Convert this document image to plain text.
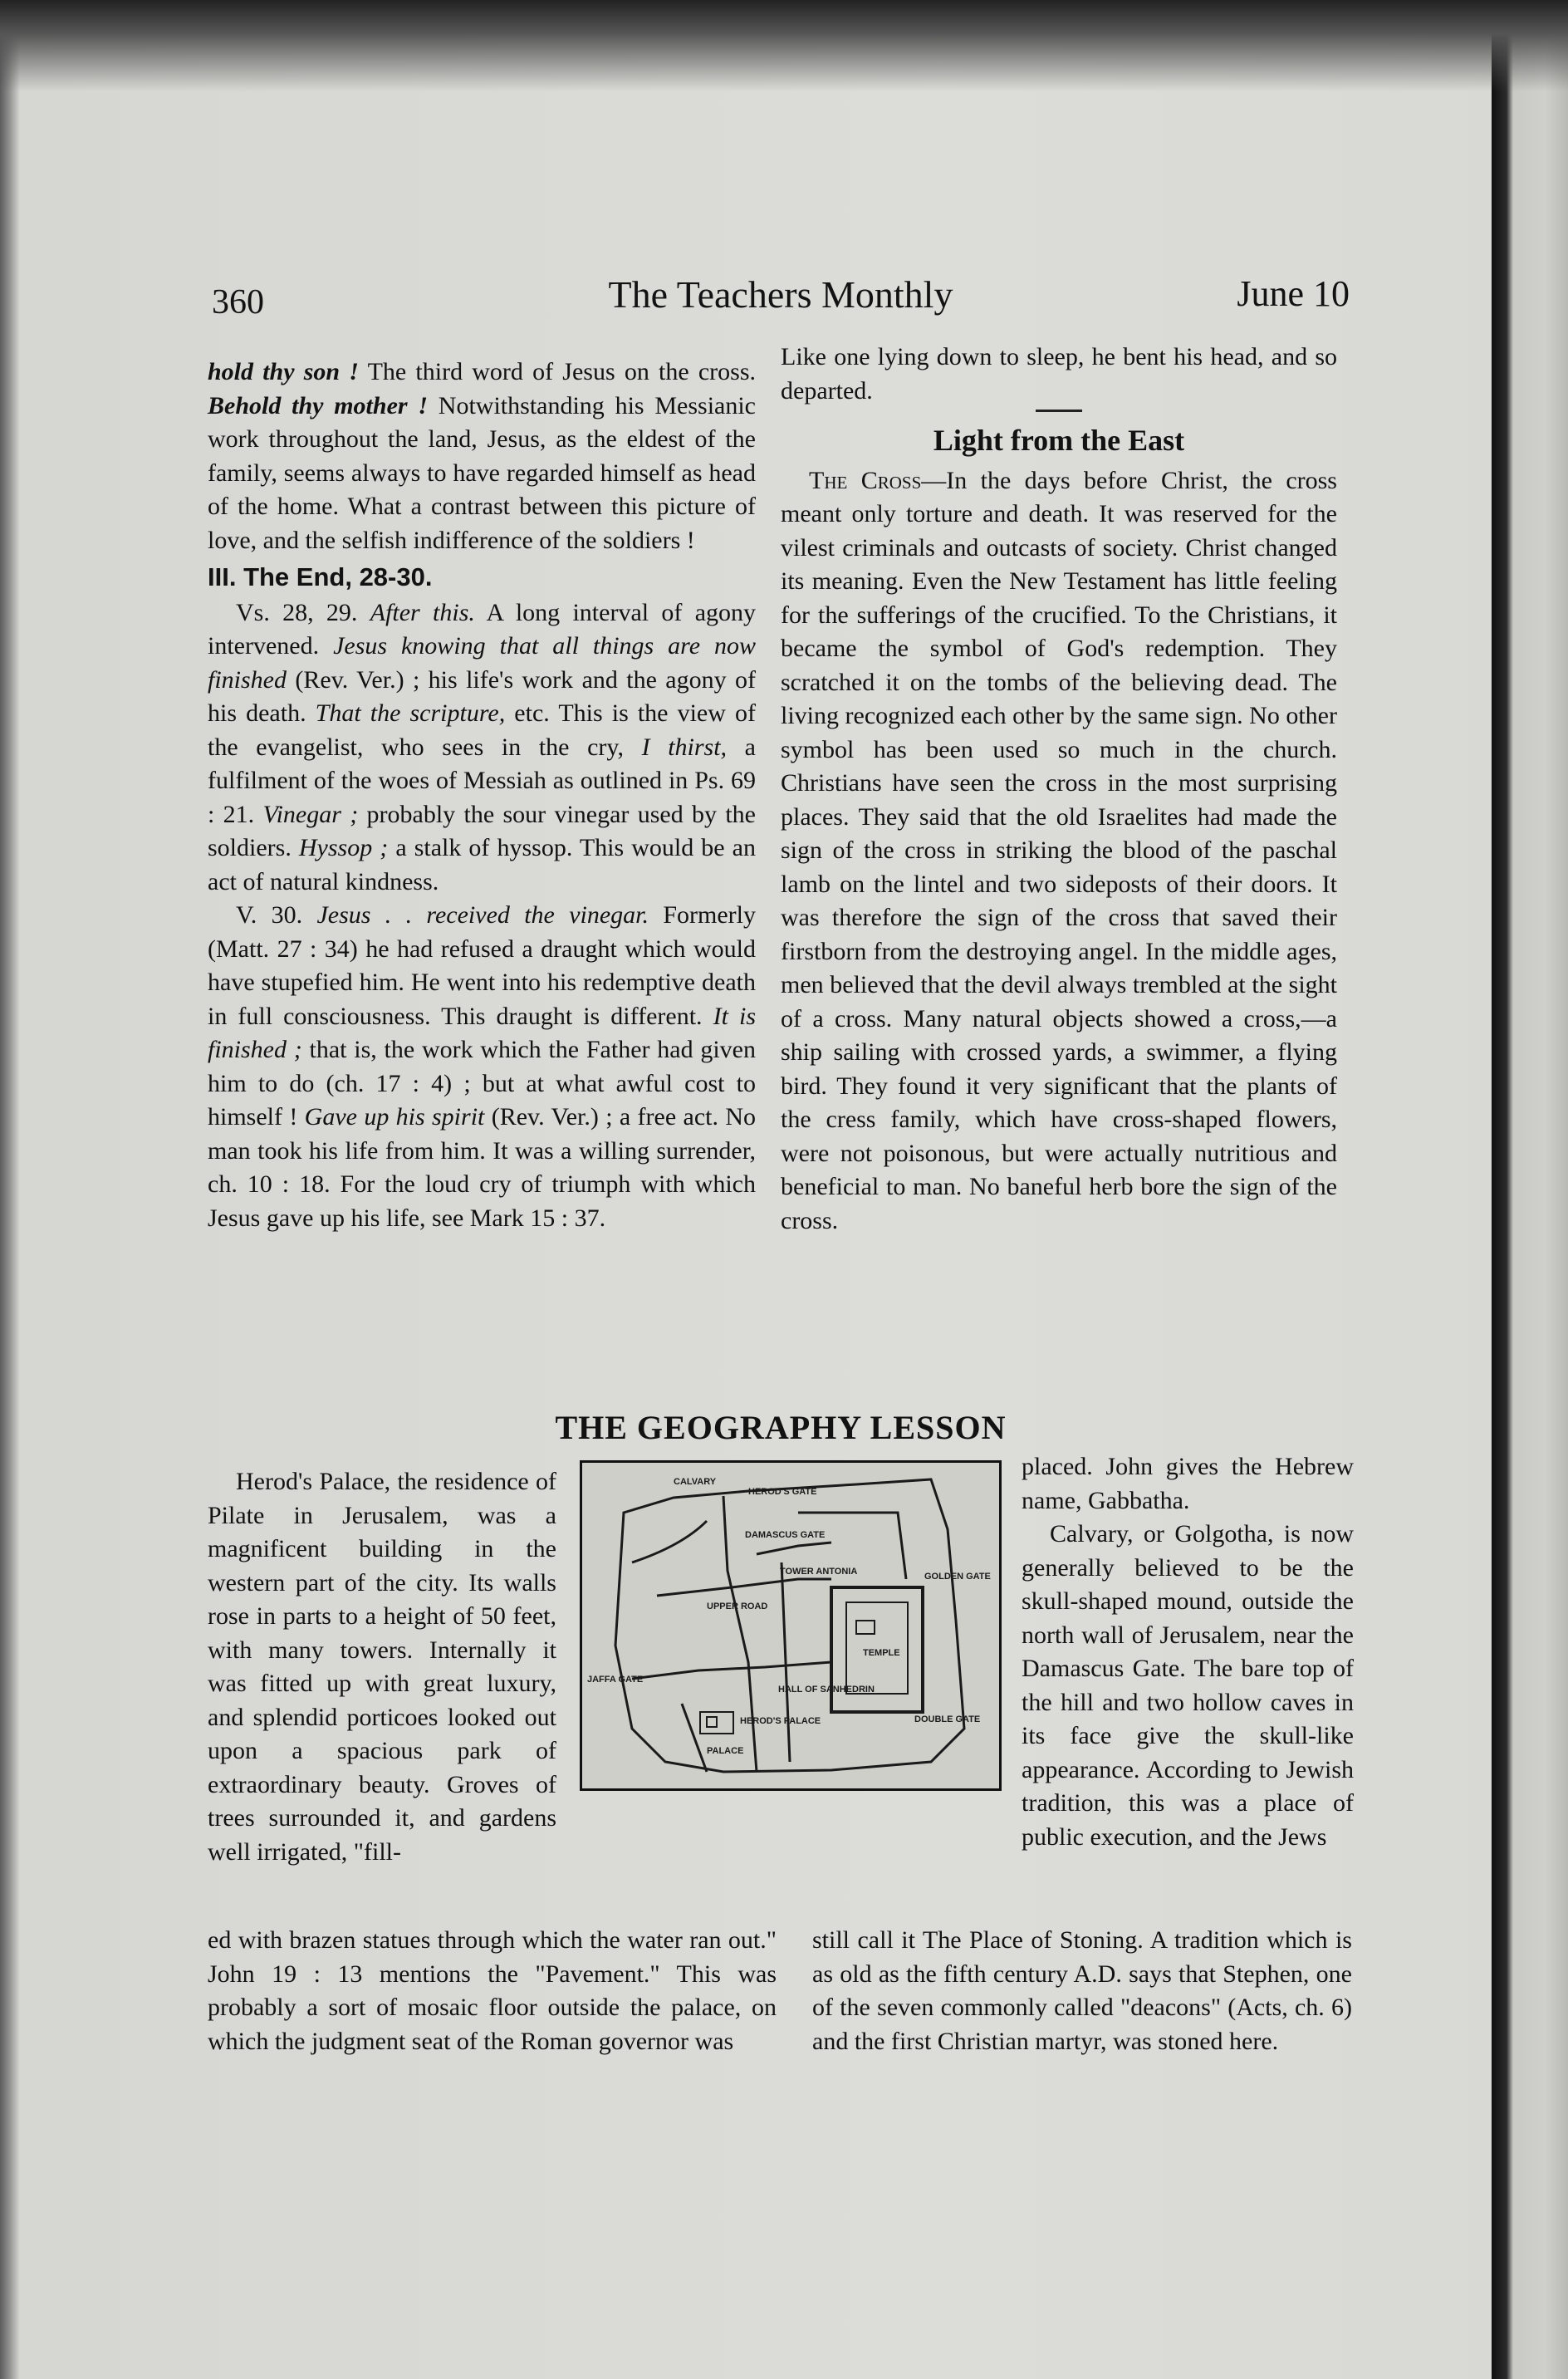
360	The Teachers Monthly	June 10

hold thy son ! The third word of Jesus on the cross. Behold thy mother ! Notwithstanding his Messianic work throughout the land, Jesus, as the eldest of the family, seems always to have regarded himself as head of the home. What a contrast between this picture of love, and the selfish indifference of the soldiers !

III. The End, 28-30.

Vs. 28, 29. After this. A long interval of agony intervened. Jesus knowing that all things are now finished (Rev. Ver.) ; his life's work and the agony of his death. That the scripture, etc. This is the view of the evangelist, who sees in the cry, I thirst, a fulfilment of the woes of Messiah as outlined in Ps. 69 : 21. Vinegar ; probably the sour vinegar used by the soldiers. Hyssop ; a stalk of hyssop. This would be an act of natural kindness.

V. 30. Jesus . . received the vinegar. Formerly (Matt. 27 : 34) he had refused a draught which would have stupefied him. He went into his redemptive death in full consciousness. This draught is different. It is finished ; that is, the work which the Father had given him to do (ch. 17 : 4) ; but at what awful cost to himself ! Gave up his spirit (Rev. Ver.) ; a free act. No man took his life from him. It was a willing surrender, ch. 10 : 18. For the loud cry of triumph with which Jesus gave up his life, see Mark 15 : 37.

Like one lying down to sleep, he bent his head, and so departed.

Light from the East

The Cross—In the days before Christ, the cross meant only torture and death. It was reserved for the vilest criminals and outcasts of society. Christ changed its meaning. Even the New Testament has little feeling for the sufferings of the crucified. To the Christians, it became the symbol of God's redemption. They scratched it on the tombs of the believing dead. The living recognized each other by the same sign. No other symbol has been used so much in the church. Christians have seen the cross in the most surprising places. They said that the old Israelites had made the sign of the cross in striking the blood of the paschal lamb on the lintel and two sideposts of their doors. It was therefore the sign of the cross that saved their firstborn from the destroying angel. In the middle ages, men believed that the devil always trembled at the sight of a cross. Many natural objects showed a cross,—a ship sailing with crossed yards, a swimmer, a flying bird. They found it very significant that the plants of the cress family, which have cross-shaped flowers, were not poisonous, but were actually nutritious and beneficial to man. No baneful herb bore the sign of the cross.

THE GEOGRAPHY LESSON

Herod's Palace, the residence of Pilate in Jerusalem, was a magnificent building in the western part of the city. Its walls rose in parts to a height of 50 feet, with many towers. Internally it was fitted up with great luxury, and splendid porticoes looked out upon a spacious park of extraordinary beauty. Groves of trees surrounded it, and gardens well irrigated, "fill-

CALVARY
HEROD'S GATE
DAMASCUS GATE
TOWER ANTONIA
UPPER ROAD
TEMPLE
HALL OF SANHEDRIN
JAFFA GATE
HEROD'S PALACE
GOLDEN GATE
DOUBLE GATE
PALACE

placed. John gives the Hebrew name, Gabbatha.

Calvary, or Golgotha, is now generally believed to be the skull-shaped mound, outside the north wall of Jerusalem, near the Damascus Gate. The bare top of the hill and two hollow caves in its face give the skull-like appearance. According to Jewish tradition, this was a place of public execution, and the Jews

ed with brazen statues through which the water ran out." John 19 : 13 mentions the "Pavement." This was probably a sort of mosaic floor outside the palace, on which the judgment seat of the Roman governor was

still call it The Place of Stoning. A tradition which is as old as the fifth century A.D. says that Stephen, one of the seven commonly called "deacons" (Acts, ch. 6) and the first Christian martyr, was stoned here.
